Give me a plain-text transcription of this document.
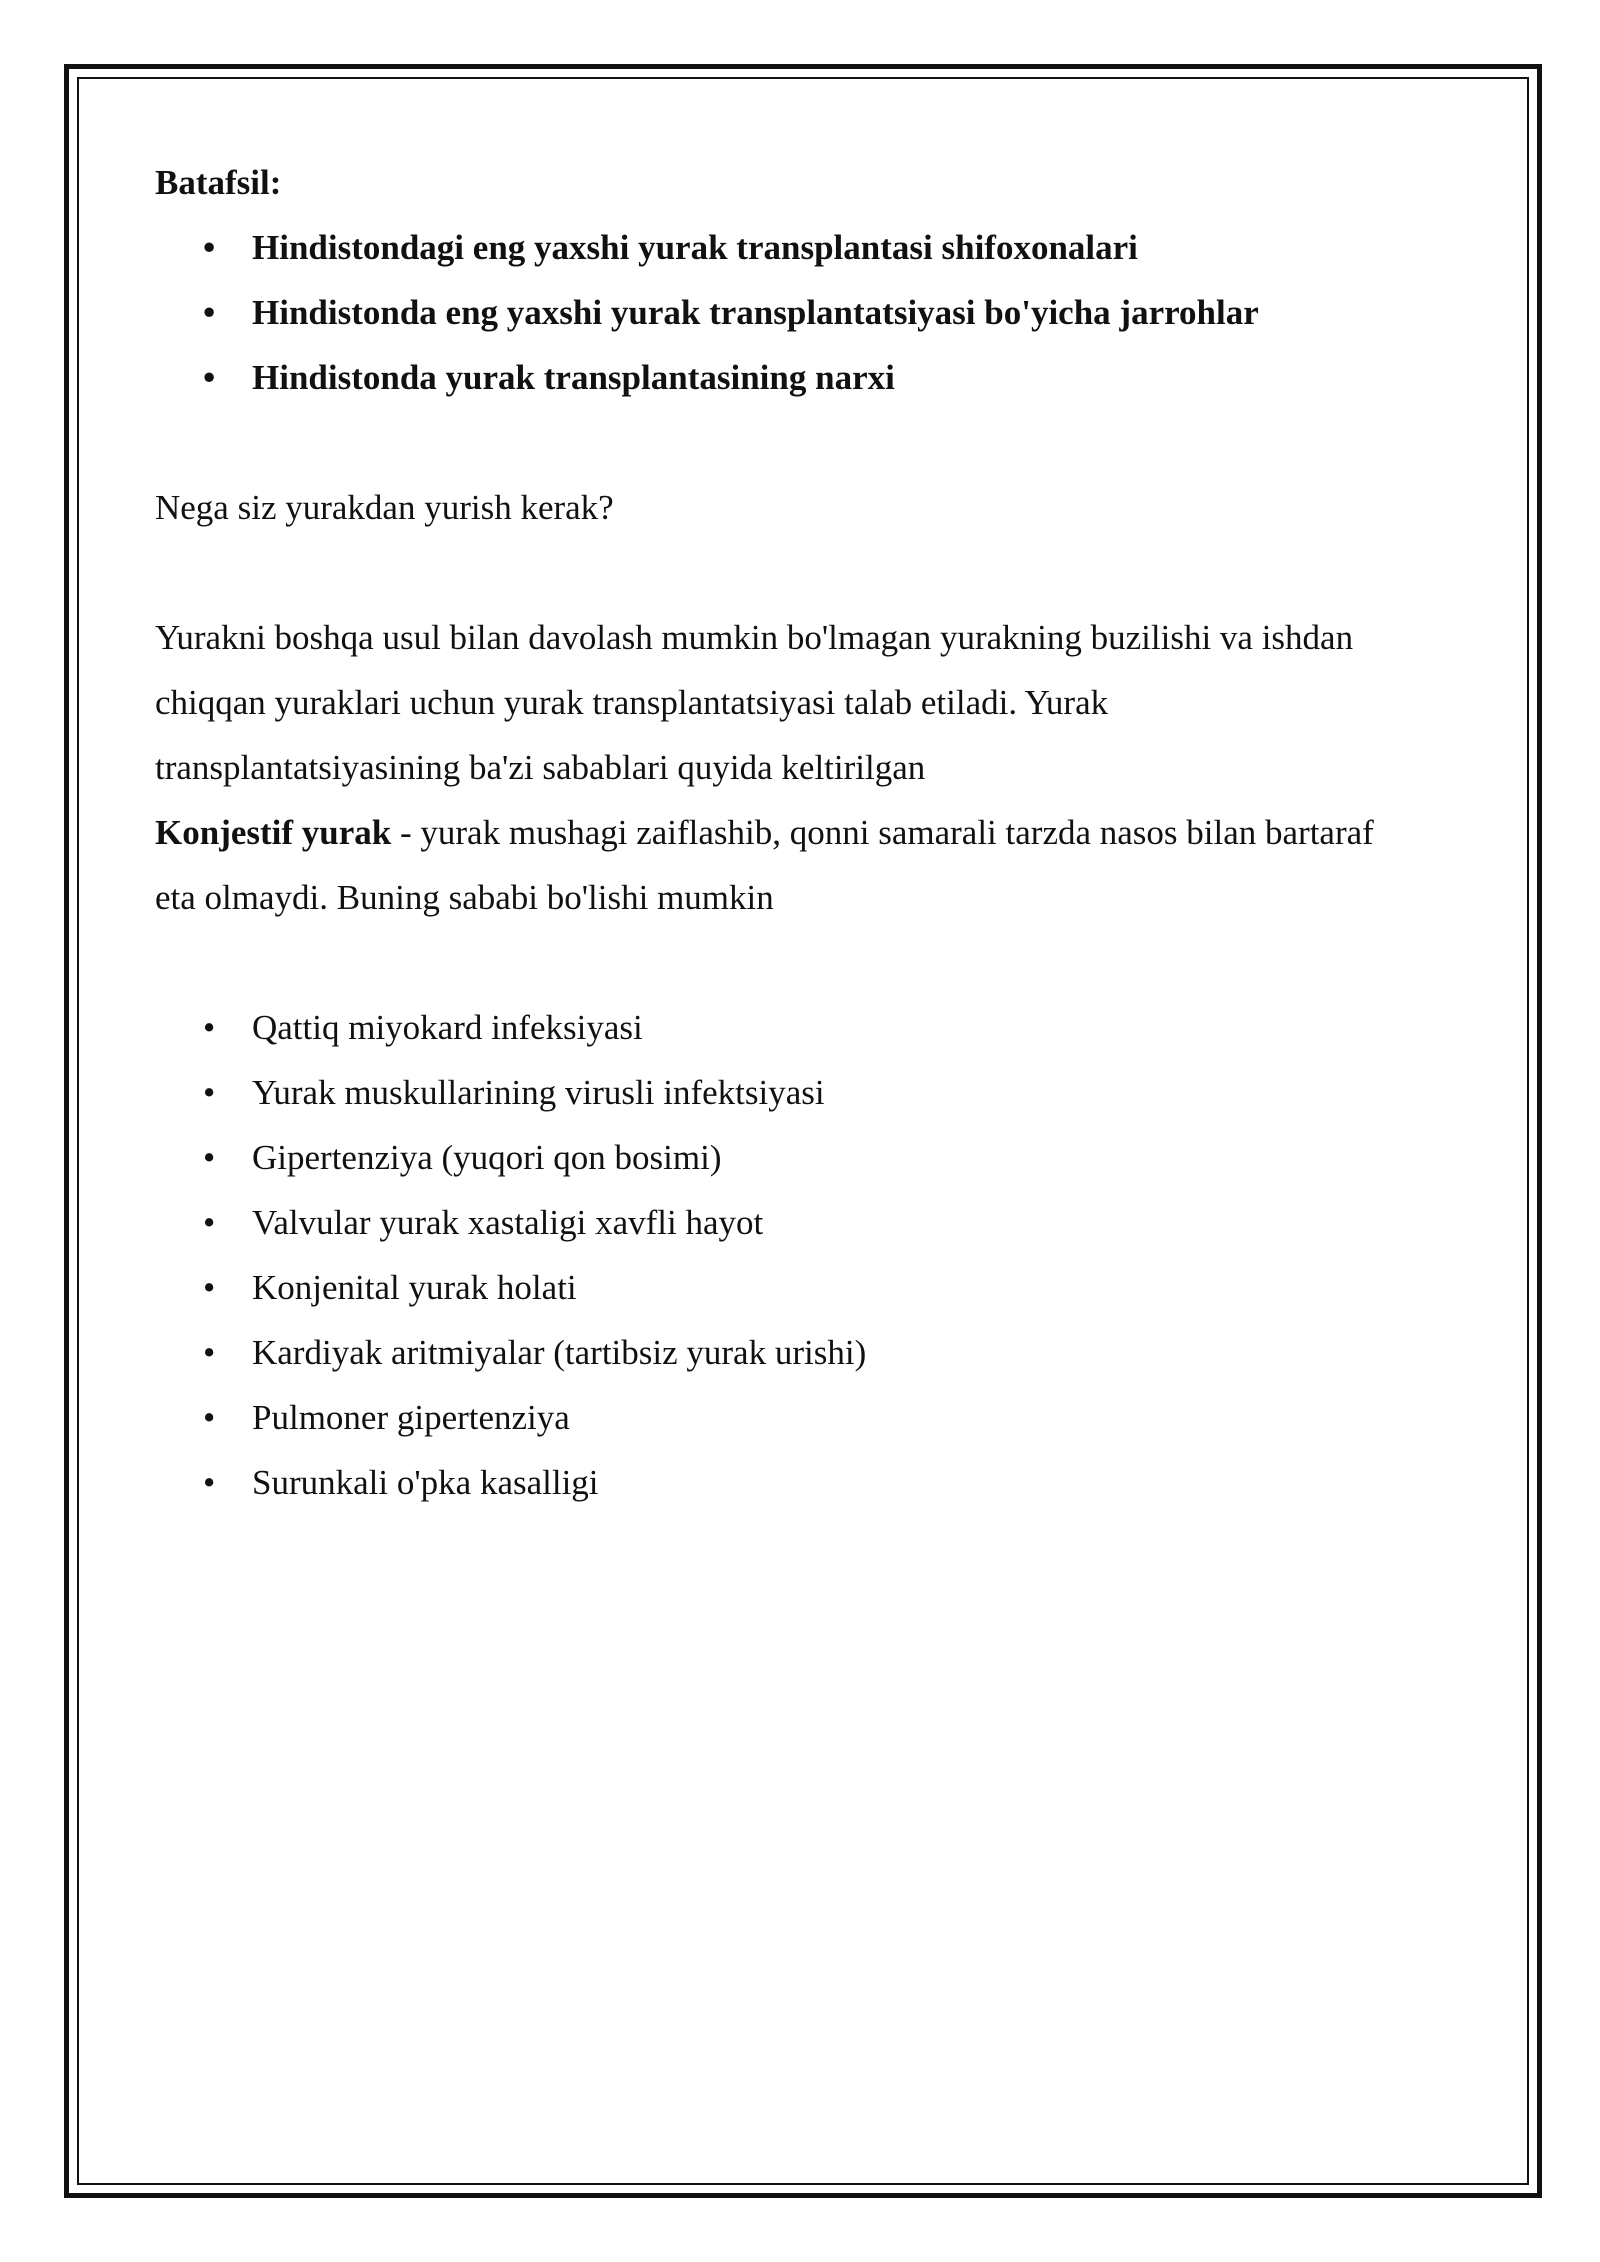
Batafsil:

• Hindistondagi eng yaxshi yurak transplantasi shifoxonalari
• Hindistonda eng yaxshi yurak transplantatsiyasi bo'yicha jarrohlar
• Hindistonda yurak transplantasining narxi

Nega siz yurakdan yurish kerak?

Yurakni boshqa usul bilan davolash mumkin bo'lmagan yurakning buzilishi va ishdan chiqqan yuraklari uchun yurak transplantatsiyasi talab etiladi. Yurak transplantatsiyasining ba'zi sabablari quyida keltirilgan

Konjestif yurak - yurak mushagi zaiflashib, qonni samarali tarzda nasos bilan bartaraf eta olmaydi. Buning sababi bo'lishi mumkin

• Qattiq miyokard infeksiyasi
• Yurak muskullarining virusli infektsiyasi
• Gipertenziya (yuqori qon bosimi)
• Valvular yurak xastaligi xavfli hayot
• Konjenital yurak holati
• Kardiyak aritmiyalar (tartibsiz yurak urishi)
• Pulmoner gipertenziya
• Surunkali o'pka kasalligi
